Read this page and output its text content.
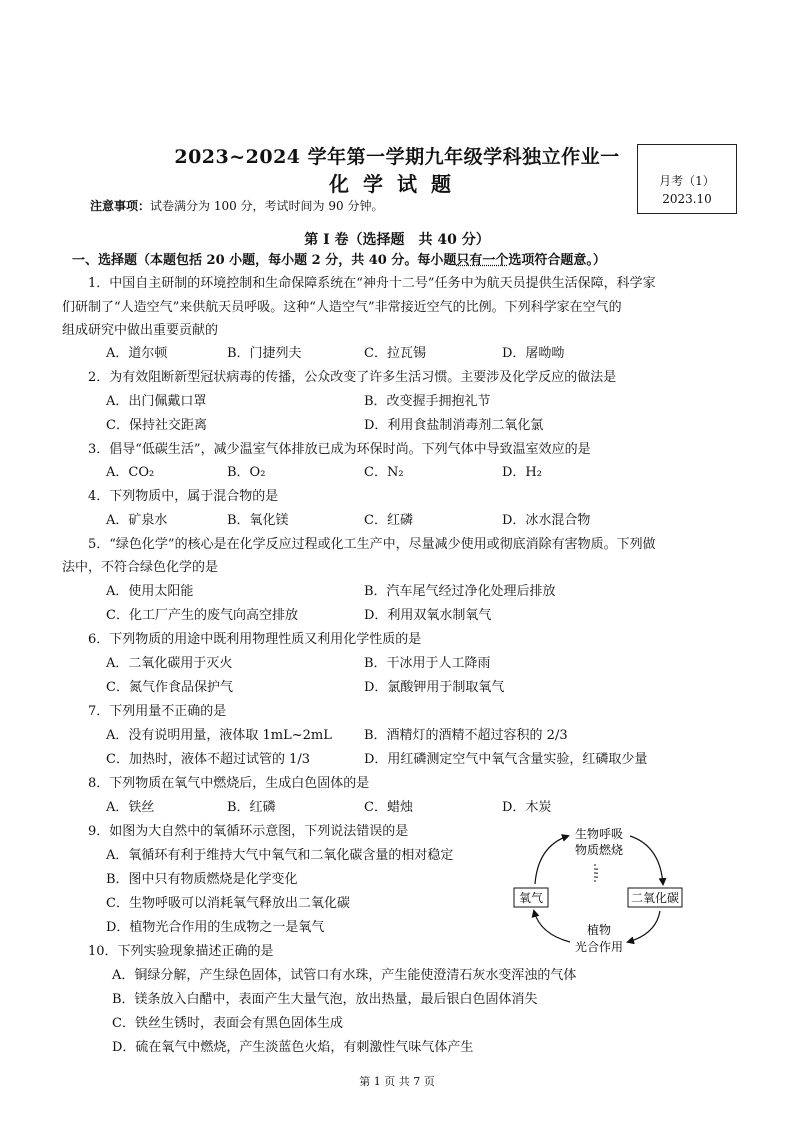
2023~2024 学年第一学期九年级学科独立作业一
化学试题	月考（1）
2023.10
注意事项：试卷满分为 100 分，考试时间为 90 分钟。
第 I 卷（选择题　共 40 分）
一、选择题（本题包括 20 小题，每小题 2 分，共 40 分。每小题只有一个选项符合题意。）
1．中国自主研制的环境控制和生命保障系统在“神舟十二号”任务中为航天员提供生活保障，科学家
们研制了“人造空气”来供航天员呼吸。这种“人造空气”非常接近空气的比例。下列科学家在空气的
组成研究中做出重要贡献的
A．道尔顿	B．门捷列夫	C．拉瓦锡	D．屠呦呦
2．为有效阻断新型冠状病毒的传播，公众改变了许多生活习惯。主要涉及化学反应的做法是
A．出门佩戴口罩	B．改变握手拥抱礼节
C．保持社交距离	D．利用食盐制消毒剂二氧化氯
3．倡导“低碳生活”，减少温室气体排放已成为环保时尚。下列气体中导致温室效应的是
A．CO₂	B．O₂	C．N₂	D．H₂
4．下列物质中，属于混合物的是
A．矿泉水	B．氧化镁	C．红磷	D．冰水混合物
5．“绿色化学”的核心是在化学反应过程或化工生产中，尽量减少使用或彻底消除有害物质。下列做
法中，不符合绿色化学的是
A．使用太阳能	B．汽车尾气经过净化处理后排放
C．化工厂产生的废气向高空排放	D．利用双氧水制氧气
6．下列物质的用途中既利用物理性质又利用化学性质的是
A．二氧化碳用于灭火	B．干冰用于人工降雨
C．氮气作食品保护气	D．氯酸钾用于制取氧气
7．下列用量不正确的是
A．没有说明用量，液体取 1mL~2mL B．酒精灯的酒精不超过容积的 2/3
C．加热时，液体不超过试管的 1/3	D．用红磷测定空气中氧气含量实验，红磷取少量
8．下列物质在氧气中燃烧后，生成白色固体的是
A．铁丝	B．红磷	C．蜡烛	D．木炭
9．如图为大自然中的氧循环示意图，下列说法错误的是
A．氧循环有利于维持大气中氧气和二氧化碳含量的相对稳定
B．图中只有物质燃烧是化学变化
C．生物呼吸可以消耗氧气释放出二氧化碳
D．植物光合作用的生成物之一是氧气
生物呼吸
物质燃烧
⋮
氧气	二氧化碳
植物
光合作用
10．下列实验现象描述正确的是
A．铜绿分解，产生绿色固体，试管口有水珠，产生能使澄清石灰水变浑浊的气体
B．镁条放入白醋中，表面产生大量气泡，放出热量，最后银白色固体消失
C．铁丝生锈时，表面会有黑色固体生成
D．硫在氧气中燃烧，产生淡蓝色火焰，有刺激性气味气体产生
第 1 页 共 7 页
